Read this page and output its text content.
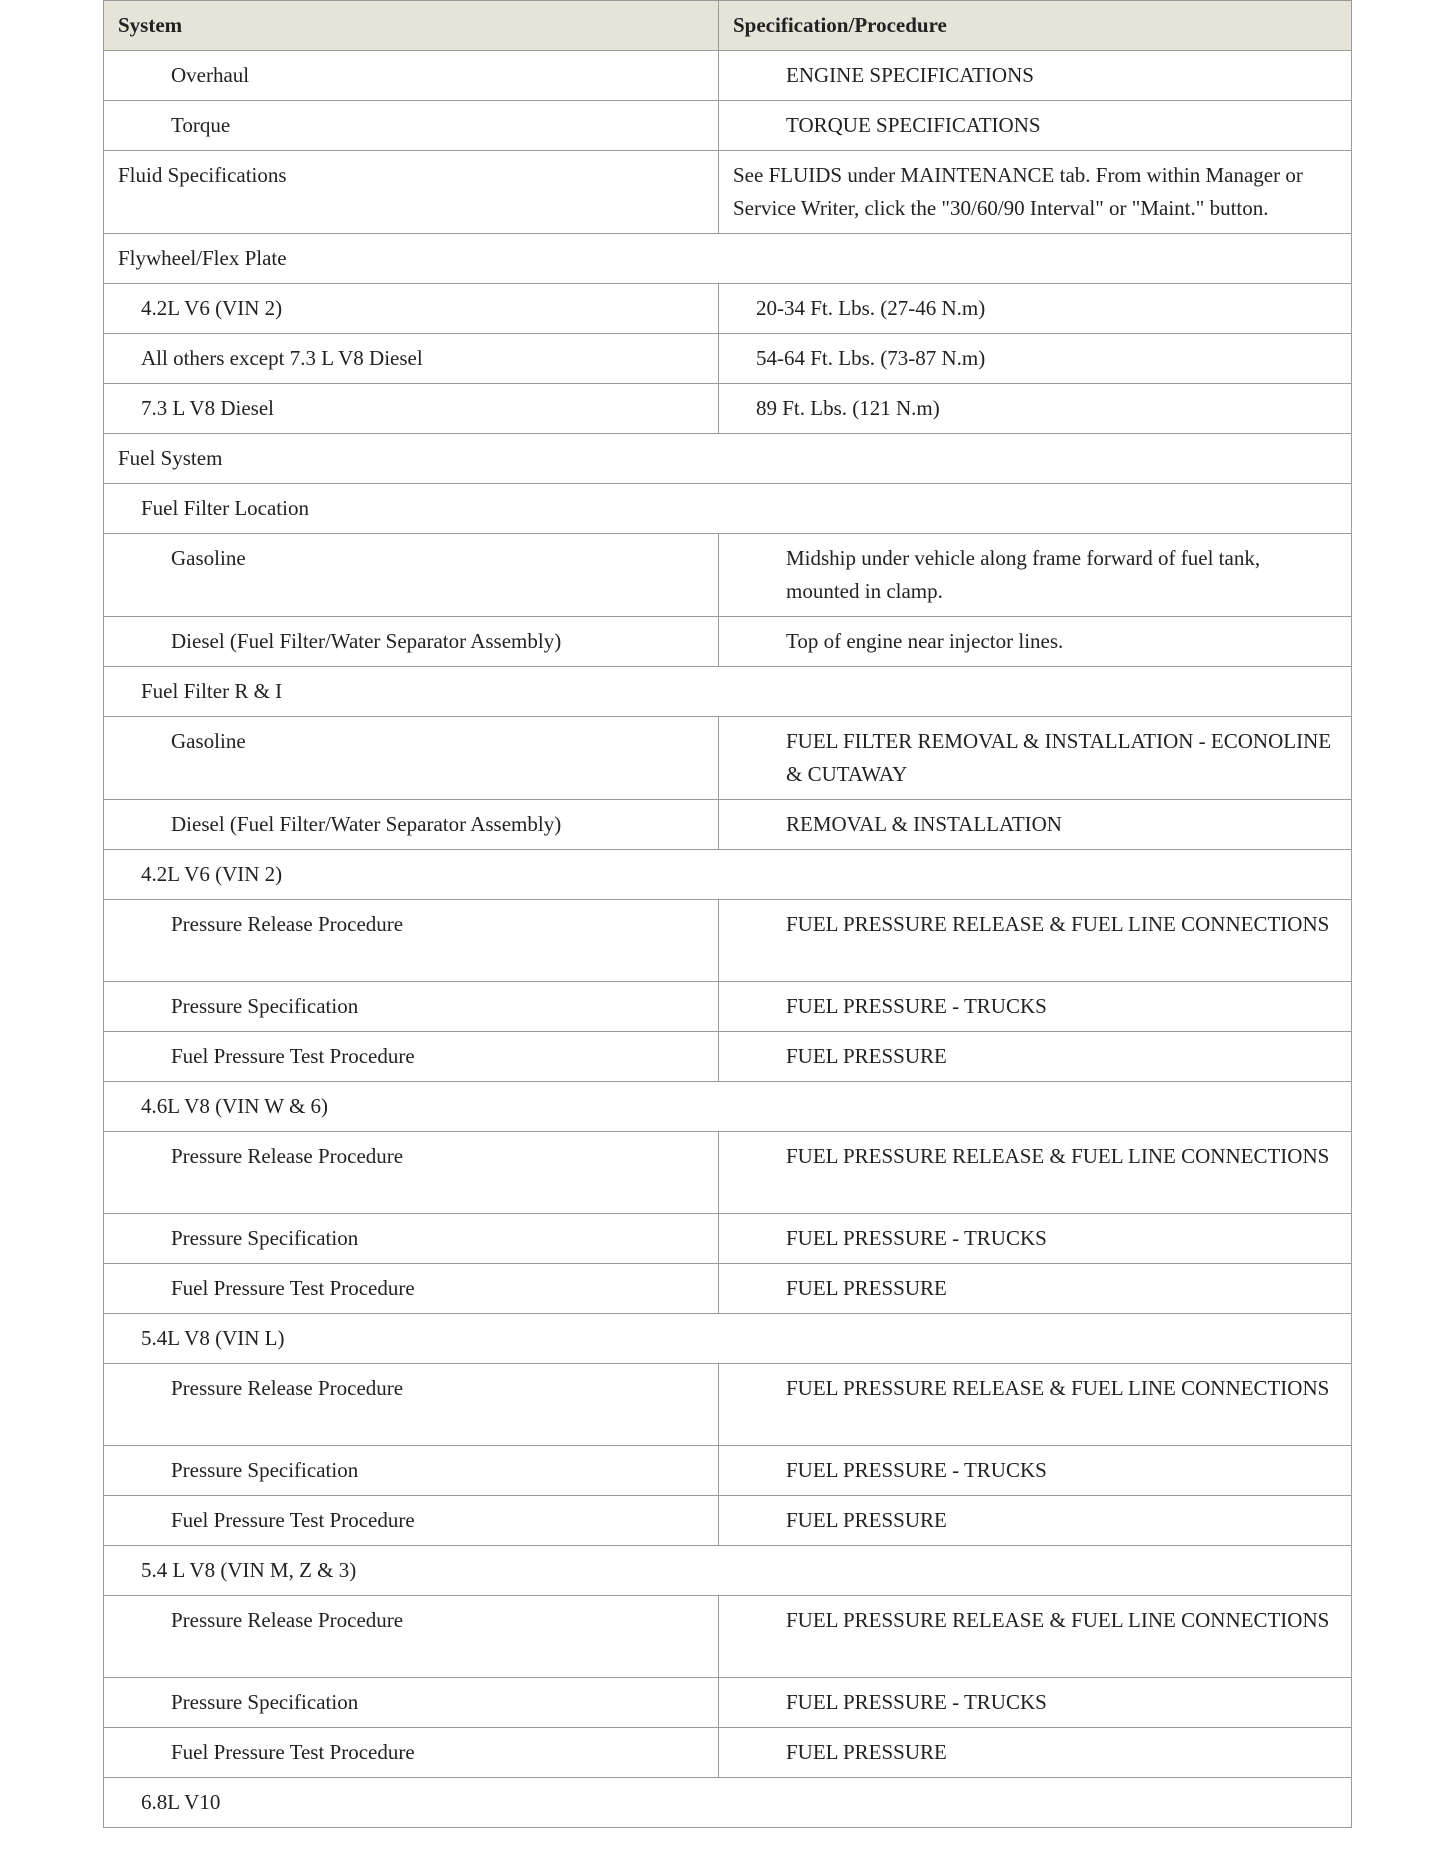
System	Specification/Procedure
Overhaul	ENGINE SPECIFICATIONS
Torque	TORQUE SPECIFICATIONS
Fluid Specifications	See FLUIDS under MAINTENANCE tab. From within Manager or Service Writer, click the "30/60/90 Interval" or "Maint." button.
Flywheel/Flex Plate	
4.2L V6 (VIN 2)	20-34 Ft. Lbs. (27-46 N.m)
All others except 7.3 L V8 Diesel	54-64 Ft. Lbs. (73-87 N.m)
7.3 L V8 Diesel	89 Ft. Lbs. (121 N.m)
Fuel System	
Fuel Filter Location	
Gasoline	Midship under vehicle along frame forward of fuel tank, mounted in clamp.
Diesel (Fuel Filter/Water Separator Assembly)	Top of engine near injector lines.
Fuel Filter R & I	
Gasoline	FUEL FILTER REMOVAL & INSTALLATION - ECONOLINE & CUTAWAY
Diesel (Fuel Filter/Water Separator Assembly)	REMOVAL & INSTALLATION
4.2L V6 (VIN 2)	
Pressure Release Procedure	FUEL PRESSURE RELEASE & FUEL LINE CONNECTIONS
Pressure Specification	FUEL PRESSURE - TRUCKS
Fuel Pressure Test Procedure	FUEL PRESSURE
4.6L V8 (VIN W & 6)	
Pressure Release Procedure	FUEL PRESSURE RELEASE & FUEL LINE CONNECTIONS
Pressure Specification	FUEL PRESSURE - TRUCKS
Fuel Pressure Test Procedure	FUEL PRESSURE
5.4L V8 (VIN L)	
Pressure Release Procedure	FUEL PRESSURE RELEASE & FUEL LINE CONNECTIONS
Pressure Specification	FUEL PRESSURE - TRUCKS
Fuel Pressure Test Procedure	FUEL PRESSURE
5.4 L V8 (VIN M, Z & 3)	
Pressure Release Procedure	FUEL PRESSURE RELEASE & FUEL LINE CONNECTIONS
Pressure Specification	FUEL PRESSURE - TRUCKS
Fuel Pressure Test Procedure	FUEL PRESSURE
6.8L V10	
